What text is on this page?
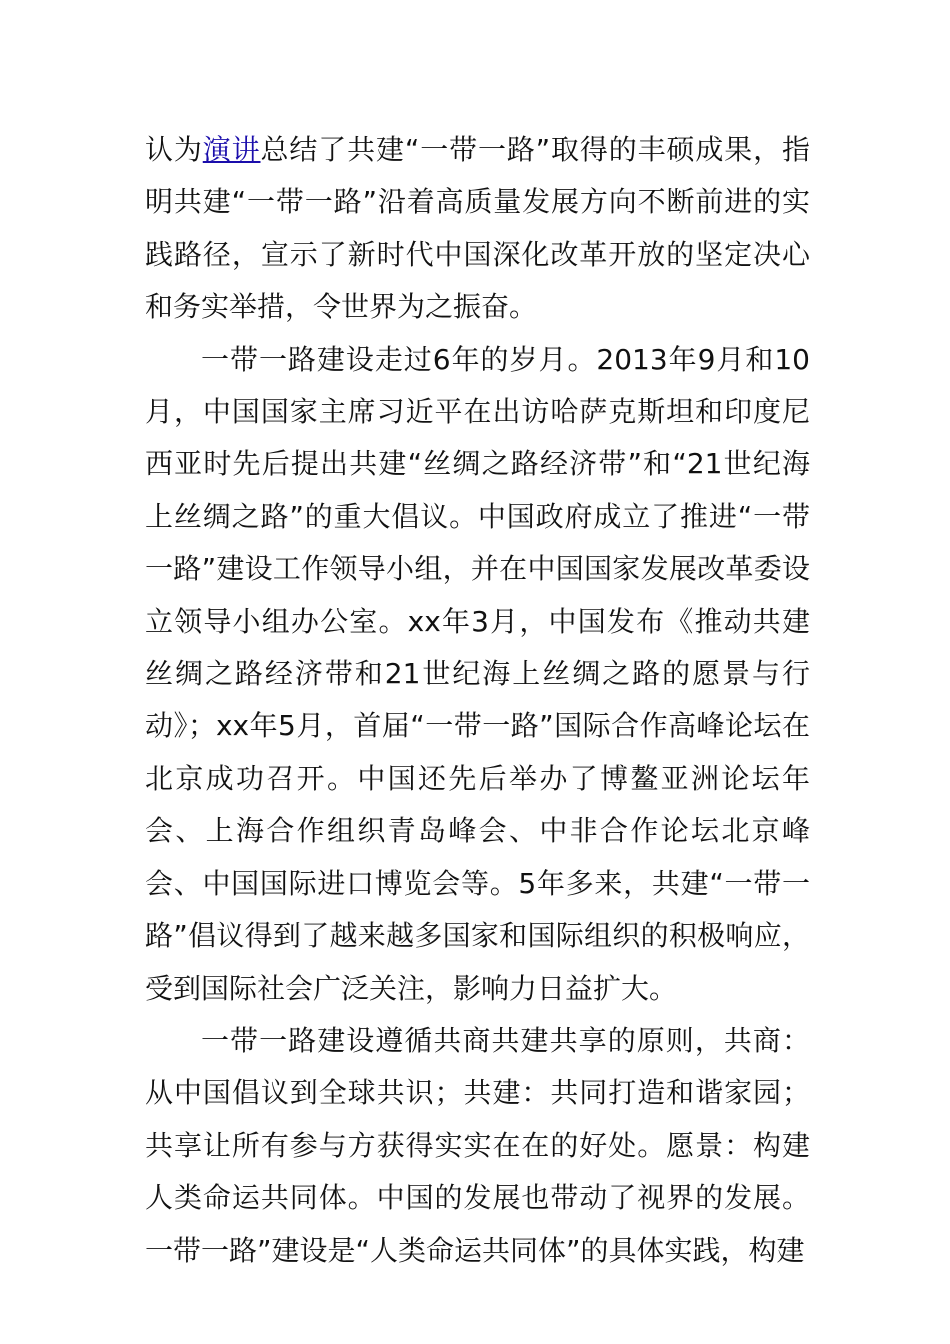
认为演讲总结了共建“一带一路”取得的丰硕成果，指明共建“一带一路”沿着高质量发展方向不断前进的实践路径，宣示了新时代中国深化改革开放的坚定决心和务实举措，令世界为之振奋。

一带一路建设走过6年的岁月。2013年9月和10月，中国国家主席习近平在出访哈萨克斯坦和印度尼西亚时先后提出共建“丝绸之路经济带”和“21世纪海上丝绸之路”的重大倡议。中国政府成立了推进“一带一路”建设工作领导小组，并在中国国家发展改革委设立领导小组办公室。xx年3月，中国发布《推动共建丝绸之路经济带和21世纪海上丝绸之路的愿景与行动》；xx年5月，首届“一带一路”国际合作高峰论坛在北京成功召开。中国还先后举办了博鳌亚洲论坛年会、上海合作组织青岛峰会、中非合作论坛北京峰会、中国国际进口博览会等。5年多来，共建“一带一路”倡议得到了越来越多国家和国际组织的积极响应，受到国际社会广泛关注，影响力日益扩大。

一带一路建设遵循共商共建共享的原则，共商：从中国倡议到全球共识；共建：共同打造和谐家园；共享让所有参与方获得实实在在的好处。愿景：构建人类命运共同体。中国的发展也带动了视界的发展。一带一路”建设是“人类命运共同体”的具体实践，构建
